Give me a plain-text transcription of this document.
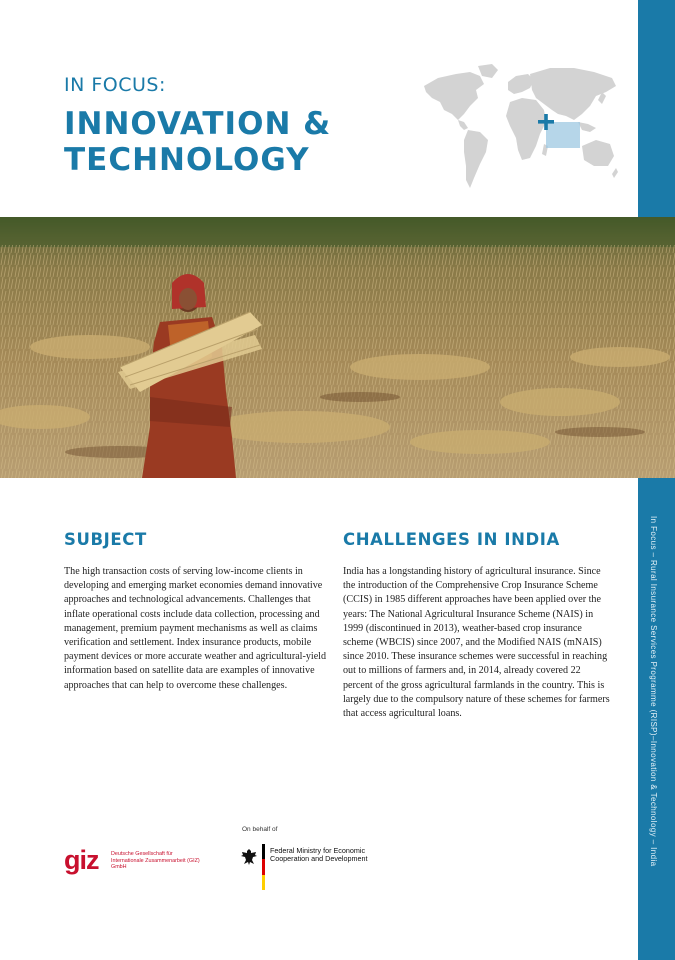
In Focus – Rural Insurance Services Programme (RISP)–Innovation & Technology – India
IN FOCUS:
INNOVATION & TECHNOLOGY
SUBJECT

The high transaction costs of serving low-income clients in developing and emerging market economies demand innovative approaches and technological advancements. Challenges that inflate operational costs include data collection, processing and management, premium payment mechanisms as well as claims verification and settlement. Index insurance products, mobile payment devices or more accurate weather and agricultural-yield information based on satellite data are examples of innovative approaches that can help to overcome these challenges.

CHALLENGES IN INDIA

India has a longstanding history of agricultural insurance. Since the introduction of the Comprehensive Crop Insurance Scheme (CCIS) in 1985 different approaches have been applied over the years: The National Agricultural Insurance Scheme (NAIS) in 1999 (discontinued in 2013), weather-based crop insurance scheme (WBCIS) since 2007, and the Modified NAIS (mNAIS) since 2010. These insurance schemes were successful in reaching out to millions of farmers and, in 2014, already covered 22 percent of the gross agricultural farmlands in the country. This is largely due to the compulsory nature of these schemes for farmers that access agricultural loans.

On behalf of
giz Deutsche Gesellschaft für Internationale Zusammenarbeit (GIZ) GmbH
Federal Ministry for Economic Cooperation and Development
